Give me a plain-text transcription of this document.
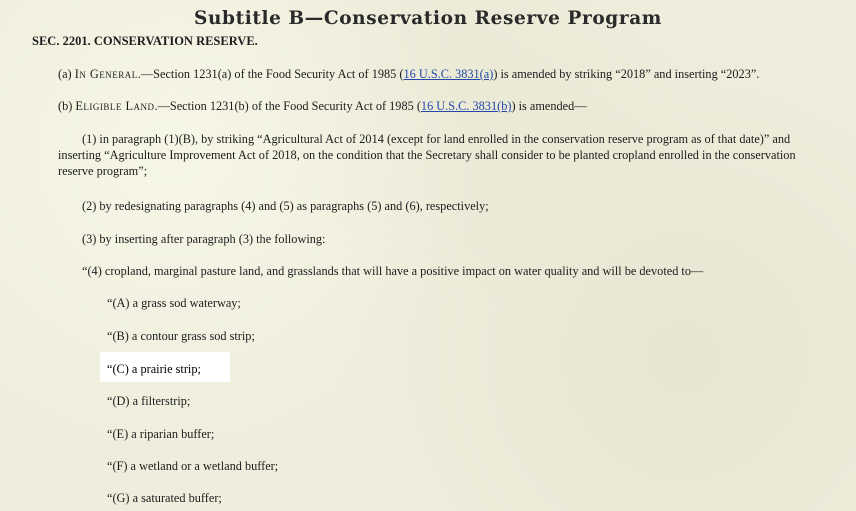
Subtitle B—Conservation Reserve Program
SEC. 2201. CONSERVATION RESERVE.
(a) In General.—Section 1231(a) of the Food Security Act of 1985 (16 U.S.C. 3831(a)) is amended by striking “2018” and inserting “2023”.
(b) Eligible Land.—Section 1231(b) of the Food Security Act of 1985 (16 U.S.C. 3831(b)) is amended—
(1) in paragraph (1)(B), by striking “Agricultural Act of 2014 (except for land enrolled in the conservation reserve program as of that date)” and inserting “Agriculture Improvement Act of 2018, on the condition that the Secretary shall consider to be planted cropland enrolled in the conservation reserve program”;
(2) by redesignating paragraphs (4) and (5) as paragraphs (5) and (6), respectively;
(3) by inserting after paragraph (3) the following:
“(4) cropland, marginal pasture land, and grasslands that will have a positive impact on water quality and will be devoted to—
“(A) a grass sod waterway;
“(B) a contour grass sod strip;
“(C) a prairie strip;
“(D) a filterstrip;
“(E) a riparian buffer;
“(F) a wetland or a wetland buffer;
“(G) a saturated buffer;
